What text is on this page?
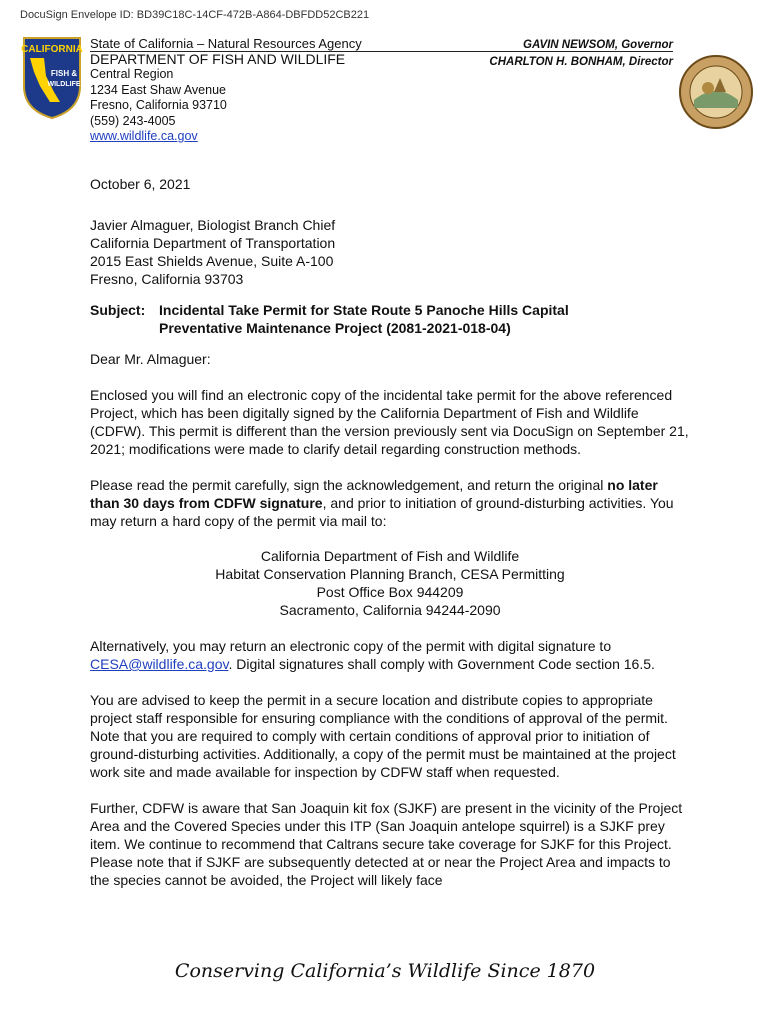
DocuSign Envelope ID: BD39C18C-14CF-472B-A864-DBFDD52CB221
CALIFORNIA
FISH &
WILDLIFE
State of California – Natural Resources Agency
DEPARTMENT OF FISH AND WILDLIFE
Central Region
1234 East Shaw Avenue
Fresno, California 93710
(559) 243-4005
www.wildlife.ca.gov
GAVIN NEWSOM, Governor
CHARLTON H. BONHAM, Director
October 6, 2021
Javier Almaguer, Biologist Branch Chief
California Department of Transportation
2015 East Shields Avenue, Suite A-100
Fresno, California 93703
Subject: Incidental Take Permit for State Route 5 Panoche Hills Capital
Preventative Maintenance Project (2081-2021-018-04)
Dear Mr. Almaguer:

Enclosed you will find an electronic copy of the incidental take permit for the above referenced Project, which has been digitally signed by the California Department of Fish and Wildlife (CDFW). This permit is different than the version previously sent via DocuSign on September 21, 2021; modifications were made to clarify detail regarding construction methods.

Please read the permit carefully, sign the acknowledgement, and return the original no later than 30 days from CDFW signature, and prior to initiation of ground-disturbing activities. You may return a hard copy of the permit via mail to:

California Department of Fish and Wildlife
Habitat Conservation Planning Branch, CESA Permitting
Post Office Box 944209
Sacramento, California 94244-2090

Alternatively, you may return an electronic copy of the permit with digital signature to CESA@wildlife.ca.gov. Digital signatures shall comply with Government Code section 16.5.

You are advised to keep the permit in a secure location and distribute copies to appropriate project staff responsible for ensuring compliance with the conditions of approval of the permit. Note that you are required to comply with certain conditions of approval prior to initiation of ground-disturbing activities. Additionally, a copy of the permit must be maintained at the project work site and made available for inspection by CDFW staff when requested.

Further, CDFW is aware that San Joaquin kit fox (SJKF) are present in the vicinity of the Project Area and the Covered Species under this ITP (San Joaquin antelope squirrel) is a SJKF prey item. We continue to recommend that Caltrans secure take coverage for SJKF for this Project. Please note that if SJKF are subsequently detected at or near the Project Area and impacts to the species cannot be avoided, the Project will likely face

Conserving California’s Wildlife Since 1870
